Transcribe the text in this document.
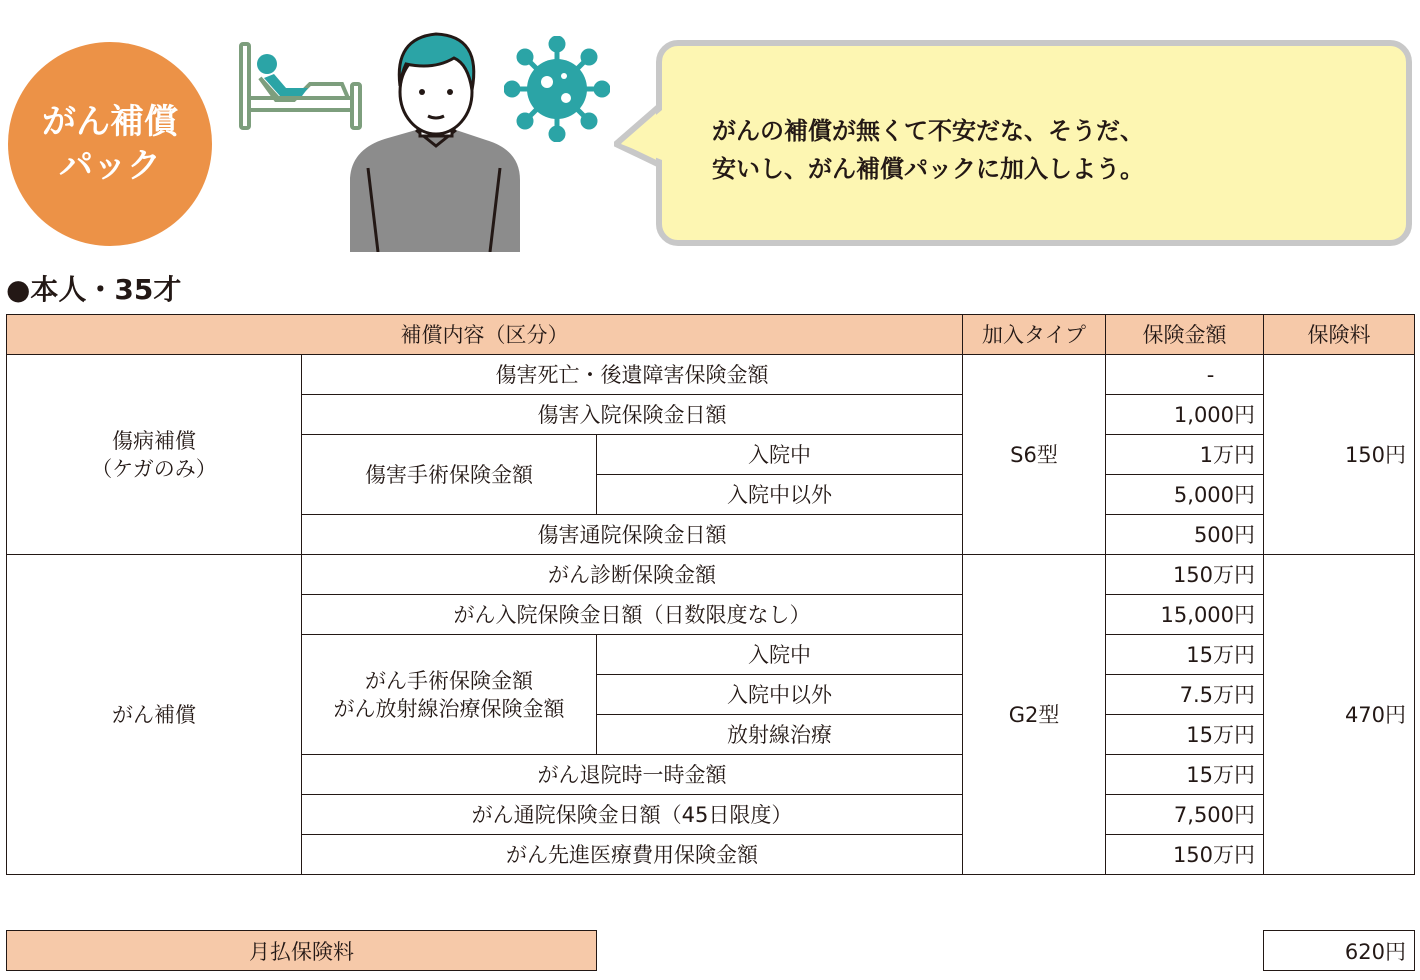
がん補償
パック
がんの補償が無くて不安だな、そうだ、
安いし、がん補償パックに加入しよう。
●本人・35才
補償内容（区分）			加入タイプ	保険金額	保険料

傷病補償
（ケガのみ）	傷害死亡・後遺障害保険金額		S6型	-	150円
	傷害入院保険金日額			1,000円	
	傷害手術保険金額	入院中		1万円	
		入院中以外		5,000円	
	傷害通院保険金日額			500円	
がん補償	がん診断保険金額		G2型	150万円	470円
	がん入院保険金日額（日数限度なし）			15,000円	

	がん手術保険金額
がん放射線治療保険金額	入院中		15万円	
		入院中以外		7.5万円	
		放射線治療		15万円	
	がん退院時一時金額			15万円	
	がん通院保険金日額（45日限度）			7,500円	
	がん先進医療費用保険金額			150万円	
月払保険料		620円
